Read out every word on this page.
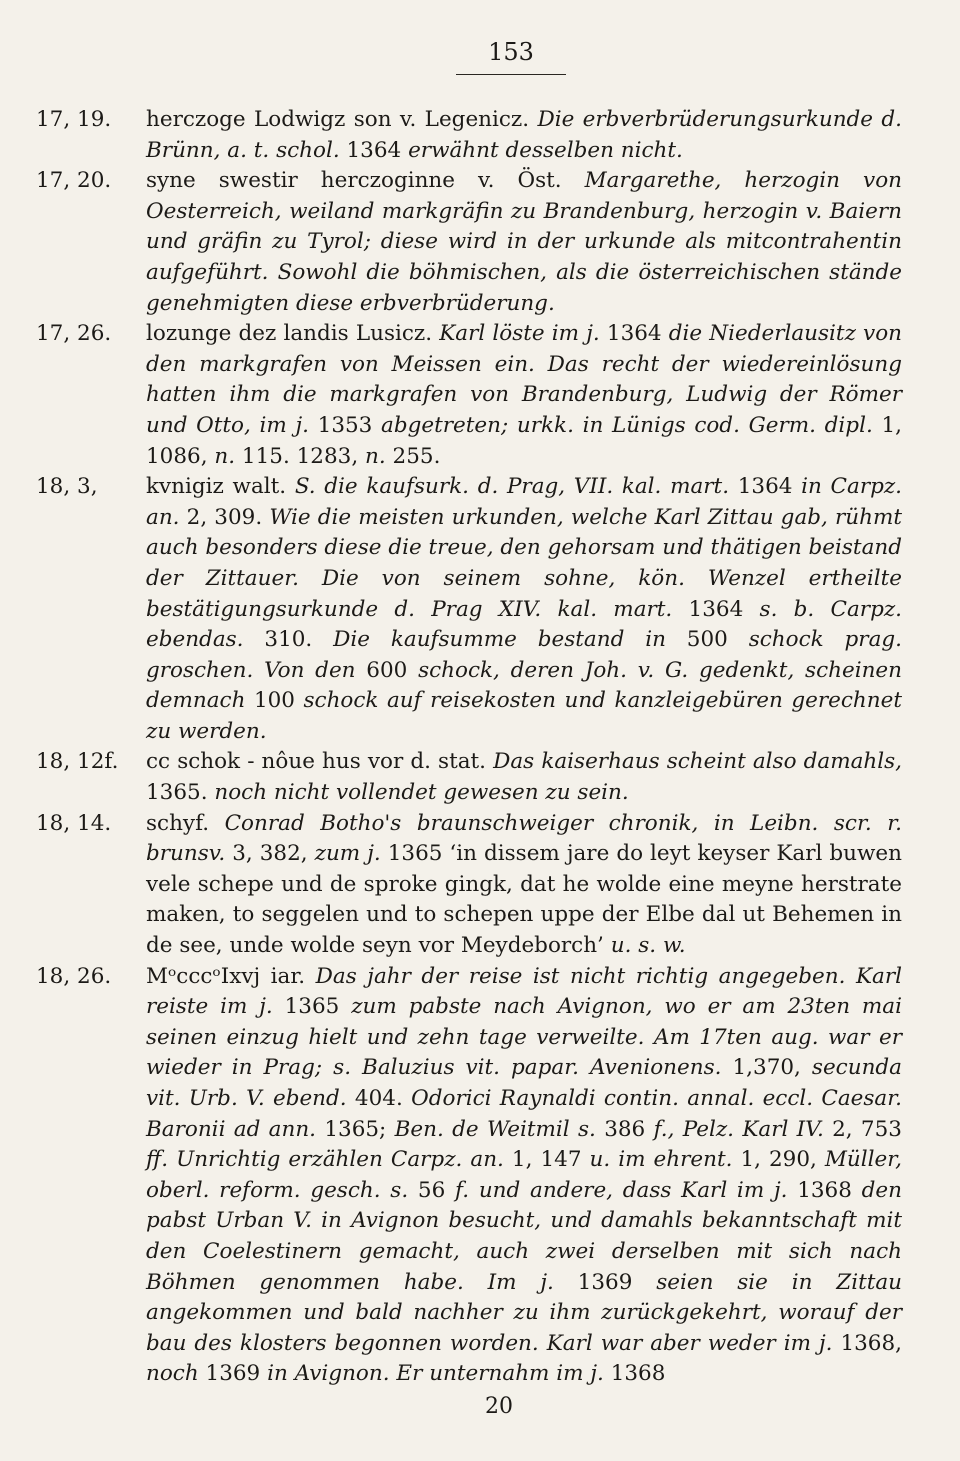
153
17, 19.	herczoge Lodwigz son v. Legenicz. Die erbverbrüderungsurkunde d. Brünn, a. t. schol. 1364 erwähnt desselben nicht.
17, 20.	syne swestir herczoginne v. Öst. Margarethe, herzogin von Oesterreich, weiland markgräfin zu Brandenburg, herzogin v. Baiern und gräfin zu Tyrol; diese wird in der urkunde als mitcontrahentin aufgeführt. Sowohl die böhmischen, als die österreichischen stände genehmigten diese erbverbrüderung.
17, 26.	lozunge dez landis Lusicz. Karl löste im j. 1364 die Niederlausitz von den markgrafen von Meissen ein. Das recht der wiedereinlösung hatten ihm die markgrafen von Brandenburg, Ludwig der Römer und Otto, im j. 1353 abgetreten; urkk. in Lünigs cod. Germ. dipl. 1, 1086, n. 115. 1283, n. 255.
18, 3,	kvnigiz walt. S. die kaufsurk. d. Prag, VII. kal. mart. 1364 in Carpz. an. 2, 309. Wie die meisten urkunden, welche Karl Zittau gab, rühmt auch besonders diese die treue, den gehorsam und thätigen beistand der Zittauer. Die von seinem sohne, kön. Wenzel ertheilte bestätigungsurkunde d. Prag XIV. kal. mart. 1364 s. b. Carpz. ebendas. 310. Die kaufsumme bestand in 500 schock prag. groschen. Von den 600 schock, deren Joh. v. G. gedenkt, scheinen demnach 100 schock auf reisekosten und kanzleigebüren gerechnet zu werden.
18, 12f.	cc schok - nôue hus vor d. stat. Das kaiserhaus scheint also damahls, 1365. noch nicht vollendet gewesen zu sein.
18, 14.	schyf. Conrad Botho's braunschweiger chronik, in Leibn. scr. r. brunsv. 3, 382, zum j. 1365 ‘in dissem jare do leyt keyser Karl buwen vele schepe und de sproke gingk, dat he wolde eine meyne herstrate maken, to seggelen und to schepen uppe der Elbe dal ut Behemen in de see, unde wolde seyn vor Meydeborch’ u. s. w.
18, 26.	MᵒcccᵒIxvj iar. Das jahr der reise ist nicht richtig angegeben. Karl reiste im j. 1365 zum pabste nach Avignon, wo er am 23ten mai seinen einzug hielt und zehn tage verweilte. Am 17ten aug. war er wieder in Prag; s. Baluzius vit. papar. Avenionens. 1,370, secunda vit. Urb. V. ebend. 404. Odorici Raynaldi contin. annal. eccl. Caesar. Baronii ad ann. 1365; Ben. de Weitmil s. 386 f., Pelz. Karl IV. 2, 753 ff. Unrichtig erzählen Carpz. an. 1, 147 u. im ehrent. 1, 290, Müller, oberl. reform. gesch. s. 56 f. und andere, dass Karl im j. 1368 den pabst Urban V. in Avignon besucht, und damahls bekanntschaft mit den Coelestinern gemacht, auch zwei derselben mit sich nach Böhmen genommen habe. Im j. 1369 seien sie in Zittau angekommen und bald nachher zu ihm zurückgekehrt, worauf der bau des klosters begonnen worden. Karl war aber weder im j. 1368, noch 1369 in Avignon. Er unternahm im j. 1368
20
